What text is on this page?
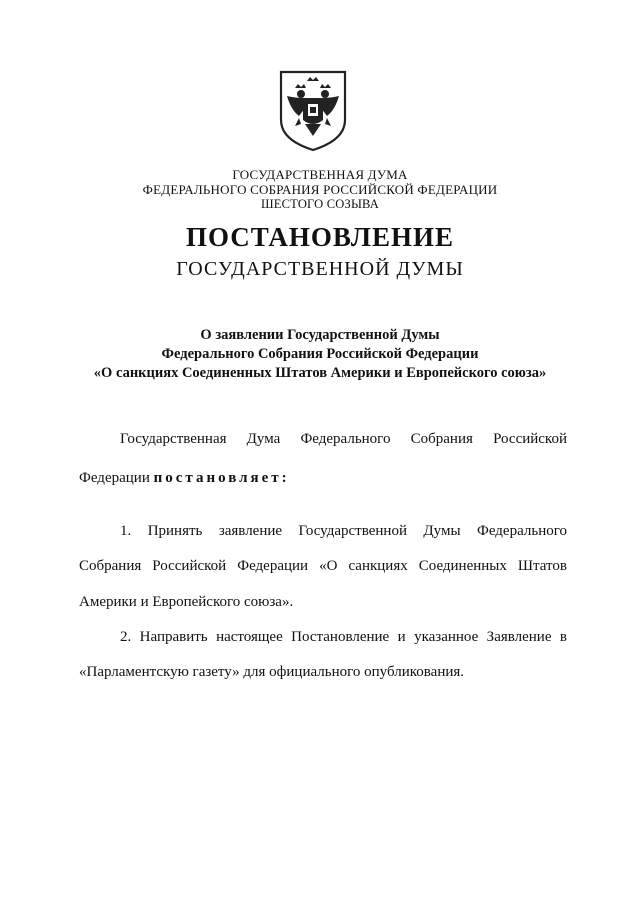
ГОСУДАРСТВЕННАЯ ДУМА
ФЕДЕРАЛЬНОГО СОБРАНИЯ РОССИЙСКОЙ ФЕДЕРАЦИИ
ШЕСТОГО СОЗЫВА
ПОСТАНОВЛЕНИЕ
ГОСУДАРСТВЕННОЙ ДУМЫ
О заявлении Государственной Думы
Федерального Собрания Российской Федерации
«О санкциях Соединенных Штатов Америки и Европейского союза»
Государственная Дума Федерального Собрания Российской
Федерации постановляет:
1. Принять заявление Государственной Думы Федерального
Собрания Российской Федерации «О санкциях Соединенных Штатов
Америки и Европейского союза».
2. Направить настоящее Постановление и указанное Заявление в
«Парламентскую газету» для официального опубликования.
